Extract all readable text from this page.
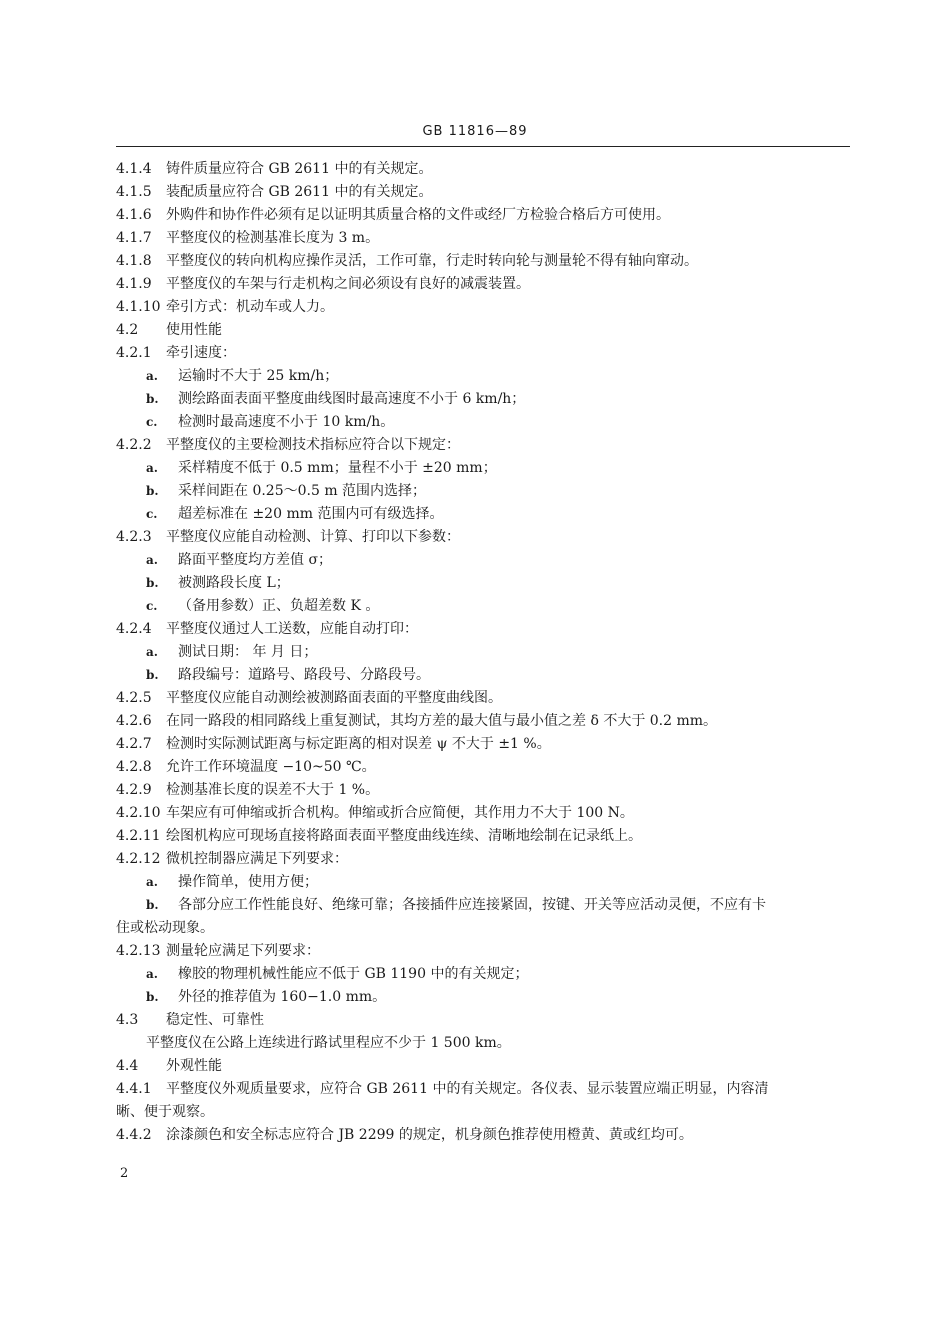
GB 11816—89
4.1.4 铸件质量应符合 GB 2611 中的有关规定。
4.1.5 装配质量应符合 GB 2611 中的有关规定。
4.1.6 外购件和协作件必须有足以证明其质量合格的文件或经厂方检验合格后方可使用。
4.1.7 平整度仪的检测基准长度为 3 m。
4.1.8 平整度仪的转向机构应操作灵活，工作可靠，行走时转向轮与测量轮不得有轴向窜动。
4.1.9 平整度仪的车架与行走机构之间必须设有良好的减震装置。
4.1.10 牵引方式：机动车或人力。
4.2 使用性能
4.2.1 牵引速度：
a. 运输时不大于 25 km/h；
b. 测绘路面表面平整度曲线图时最高速度不小于 6 km/h；
c. 检测时最高速度不小于 10 km/h。
4.2.2 平整度仪的主要检测技术指标应符合以下规定：
a. 采样精度不低于 0.5 mm；量程不小于 ±20 mm；
b. 采样间距在 0.25～0.5 m 范围内选择；
c. 超差标准在 ±20 mm 范围内可有级选择。
4.2.3 平整度仪应能自动检测、计算、打印以下参数：
a. 路面平整度均方差值 σ；
b. 被测路段长度 L；
c. （备用参数）正、负超差数 K 。
4.2.4 平整度仪通过人工送数，应能自动打印：
a. 测试日期： 年 月 日；
b. 路段编号：道路号、路段号、分路段号。
4.2.5 平整度仪应能自动测绘被测路面表面的平整度曲线图。
4.2.6 在同一路段的相同路线上重复测试，其均方差的最大值与最小值之差 δ 不大于 0.2 mm。
4.2.7 检测时实际测试距离与标定距离的相对误差 ψ 不大于 ±1 %。
4.2.8 允许工作环境温度 −10~50 ℃。
4.2.9 检测基准长度的误差不大于 1 %。
4.2.10 车架应有可伸缩或折合机构。伸缩或折合应简便，其作用力不大于 100 N。
4.2.11 绘图机构应可现场直接将路面表面平整度曲线连续、清晰地绘制在记录纸上。
4.2.12 微机控制器应满足下列要求：
a. 操作简单，使用方便；
b. 各部分应工作性能良好、绝缘可靠；各接插件应连接紧固，按键、开关等应活动灵便，不应有卡
住或松动现象。
4.2.13 测量轮应满足下列要求：
a. 橡胶的物理机械性能应不低于 GB 1190 中的有关规定；
b. 外径的推荐值为 160−1.0 mm。
4.3 稳定性、可靠性
平整度仪在公路上连续进行路试里程应不少于 1 500 km。
4.4 外观性能
4.4.1 平整度仪外观质量要求，应符合 GB 2611 中的有关规定。各仪表、显示装置应端正明显，内容清
晰、便于观察。
4.4.2 涂漆颜色和安全标志应符合 JB 2299 的规定，机身颜色推荐使用橙黄、黄或红均可。
2
